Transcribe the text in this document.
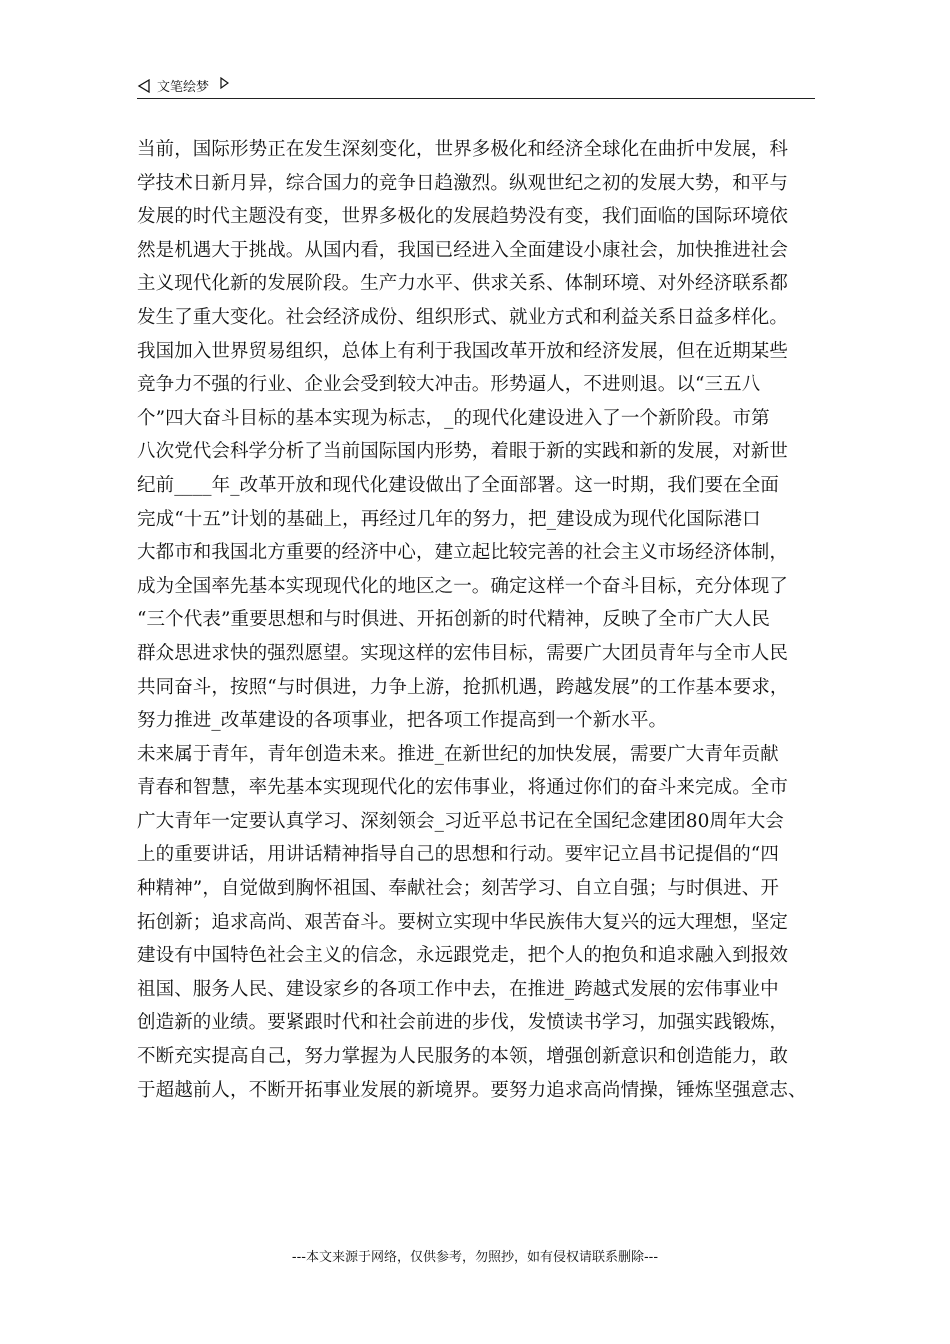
文笔绘梦
当前，国际形势正在发生深刻变化，世界多极化和经济全球化在曲折中发展，科
学技术日新月异，综合国力的竞争日趋激烈。纵观世纪之初的发展大势，和平与
发展的时代主题没有变，世界多极化的发展趋势没有变，我们面临的国际环境依
然是机遇大于挑战。从国内看，我国已经进入全面建设小康社会，加快推进社会
主义现代化新的发展阶段。生产力水平、供求关系、体制环境、对外经济联系都
发生了重大变化。社会经济成份、组织形式、就业方式和利益关系日益多样化。
我国加入世界贸易组织，总体上有利于我国改革开放和经济发展，但在近期某些
竞争力不强的行业、企业会受到较大冲击。形势逼人，不进则退。以“三五八
个”四大奋斗目标的基本实现为标志，_的现代化建设进入了一个新阶段。市第
八次党代会科学分析了当前国际国内形势，着眼于新的实践和新的发展，对新世
纪前____年_改革开放和现代化建设做出了全面部署。这一时期，我们要在全面
完成“十五”计划的基础上，再经过几年的努力，把_建设成为现代化国际港口
大都市和我国北方重要的经济中心，建立起比较完善的社会主义市场经济体制，
成为全国率先基本实现现代化的地区之一。确定这样一个奋斗目标，充分体现了
“三个代表”重要思想和与时俱进、开拓创新的时代精神，反映了全市广大人民
群众思进求快的强烈愿望。实现这样的宏伟目标，需要广大团员青年与全市人民
共同奋斗，按照“与时俱进，力争上游，抢抓机遇，跨越发展”的工作基本要求，
努力推进_改革建设的各项事业，把各项工作提高到一个新水平。
未来属于青年，青年创造未来。推进_在新世纪的加快发展，需要广大青年贡献
青春和智慧，率先基本实现现代化的宏伟事业，将通过你们的奋斗来完成。全市
广大青年一定要认真学习、深刻领会_习近平总书记在全国纪念建团80周年大会
上的重要讲话，用讲话精神指导自己的思想和行动。要牢记立昌书记提倡的“四
种精神”，自觉做到胸怀祖国、奉献社会；刻苦学习、自立自强；与时俱进、开
拓创新；追求高尚、艰苦奋斗。要树立实现中华民族伟大复兴的远大理想，坚定
建设有中国特色社会主义的信念，永远跟党走，把个人的抱负和追求融入到报效
祖国、服务人民、建设家乡的各项工作中去，在推进_跨越式发展的宏伟事业中
创造新的业绩。要紧跟时代和社会前进的步伐，发愤读书学习，加强实践锻炼，
不断充实提高自己，努力掌握为人民服务的本领，增强创新意识和创造能力，敢
于超越前人，不断开拓事业发展的新境界。要努力追求高尚情操，锤炼坚强意志、
---本文来源于网络，仅供参考，勿照抄，如有侵权请联系删除---
